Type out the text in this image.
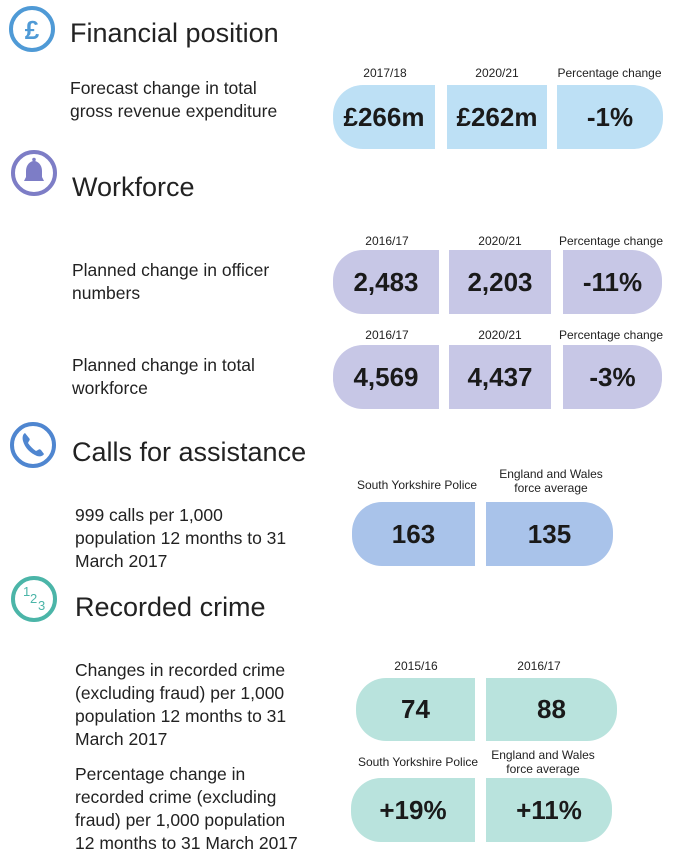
£ Financial position
Forecast change in total
gross revenue expenditure
2017/18	2020/21	Percentage change
£266m	£262m	-1%
Workforce
Planned change in officer
numbers
2016/17	2020/21	Percentage change
2,483	2,203	-11%
Planned change in total
workforce
2016/17	2020/21	Percentage change
4,569	4,437	-3%
Calls for assistance
999 calls per 1,000
population 12 months to 31
March 2017
South Yorkshire Police
England and Wales
force average
163	135
1 2 3 Recorded crime
Changes in recorded crime
(excluding fraud) per 1,000
population 12 months to 31
March 2017
2015/16	2016/17
74	88
Percentage change in
recorded crime (excluding
fraud) per 1,000 population
12 months to 31 March 2017
South Yorkshire Police	England and Wales
force average
+19%	+11%
